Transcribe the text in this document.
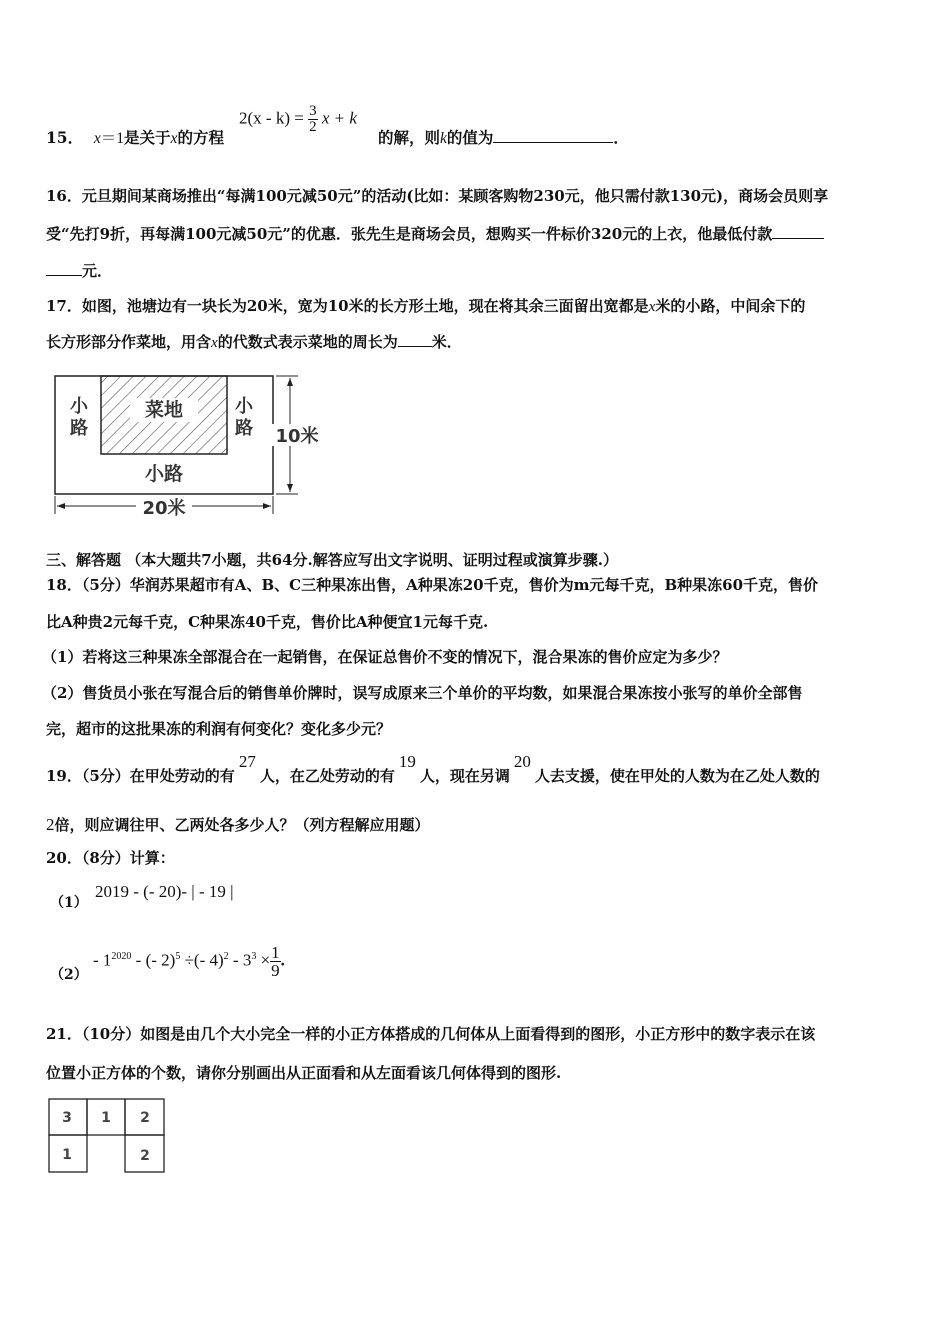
15． x＝1是关于x的方程
$2(x - k) = \frac{3}{2}$ x + k
的解，则k的值为	．
16．元旦期间某商场推出“每满100元减50元”的活动(比如：某顾客购物230元，他只需付款130元)，商场会员则享
受“先打9折，再每满100元减50元”的优惠．张先生是商场会员，想购买一件标价320元的上衣，他最低付款
元．
17．如图，池塘边有一块长为20米，宽为10米的长方形土地，现在将其余三面留出宽都是x米的小路，中间余下的
长方形部分作菜地，用含x的代数式表示菜地的周长为 米．
菜地
小
路
小
路
小路
20米
10米
三、解答题 （本大题共7小题，共64分.解答应写出文字说明、证明过程或演算步骤.）
18．（5分）华润苏果超市有A、B、C三种果冻出售，A种果冻20千克，售价为m元每千克，B种果冻60千克，售价
比A种贵2元每千克，C种果冻40千克，售价比A种便宜1元每千克.
（1）若将这三种果冻全部混合在一起销售，在保证总售价不变的情况下，混合果冻的售价应定为多少？
（2）售货员小张在写混合后的销售单价牌时，误写成原来三个单价的平均数，如果混合果冻按小张写的单价全部售
完，超市的这批果冻的利润有何变化？变化多少元？
19．（5分）在甲处劳动的有27人，在乙处劳动的有19人，现在另调20人去支援，使在甲处的人数为在乙处人数的
2倍，则应调往甲、乙两处各多少人？（列方程解应用题）
20．（8分）计算：
（1）
2019 - (- 20)- | - 19 |
（2）
- $1^{2020}$ - (- 2)$^5$ ÷(- $4)^2 - 3^3 \times \frac{1}{9}$ .
21．（10分）如图是由几个大小完全一样的小正方体搭成的几何体从上面看得到的图形，小正方形中的数字表示在该
位置小正方体的个数，请你分别画出从正面看和从左面看该几何体得到的图形.
3 1 2
1	2
